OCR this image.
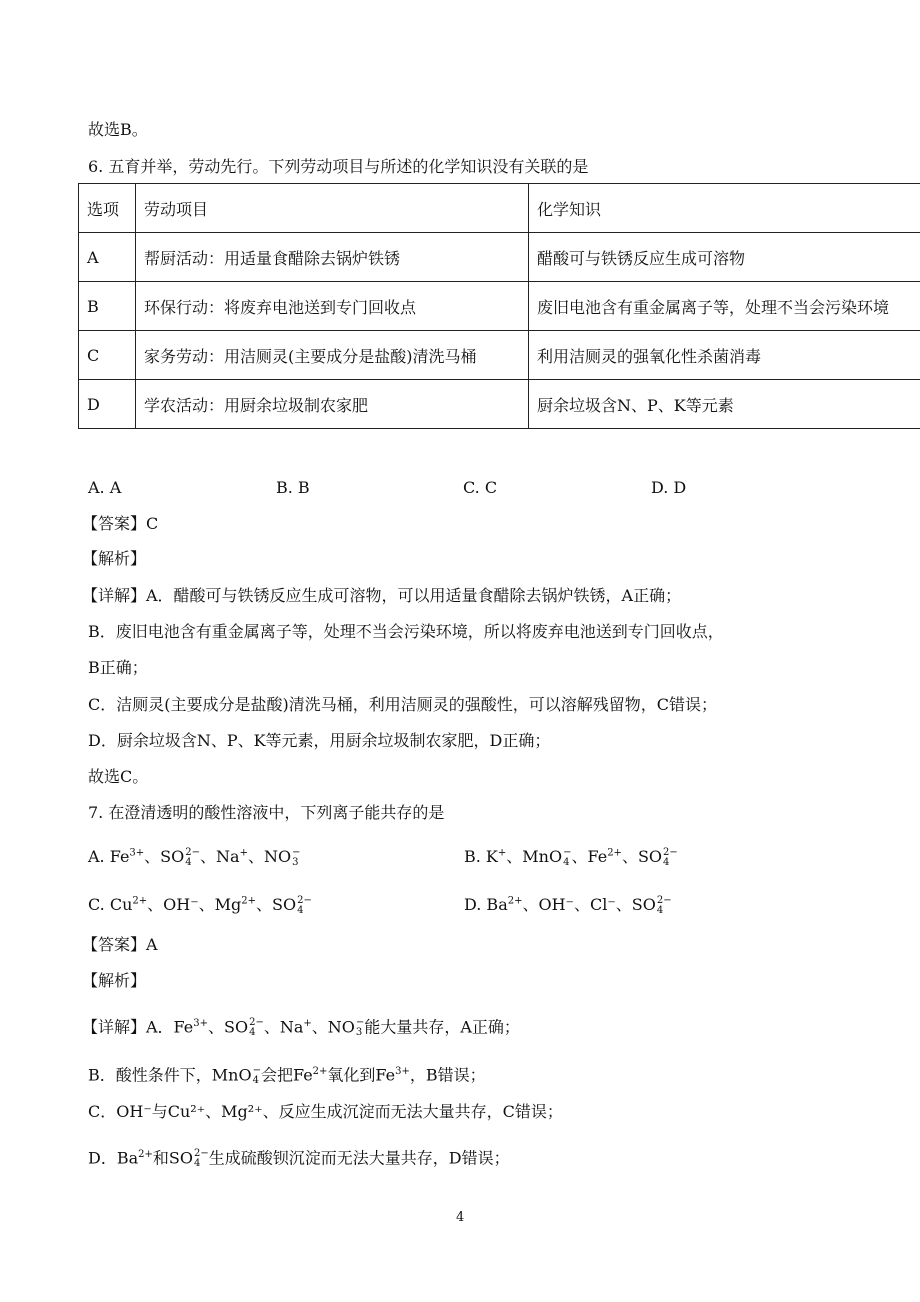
故选B。
6. 五育并举，劳动先行。下列劳动项目与所述的化学知识没有关联的是
选项	劳动项目	化学知识
A	帮厨活动：用适量食醋除去锅炉铁锈	醋酸可与铁锈反应生成可溶物
B	环保行动：将废弃电池送到专门回收点	废旧电池含有重金属离子等，处理不当会污染环境
C	家务劳动：用洁厕灵(主要成分是盐酸)清洗马桶	利用洁厕灵的强氧化性杀菌消毒
D	学农活动：用厨余垃圾制农家肥	厨余垃圾含N、P、K等元素
A. A	B. B	C. C	D. D
【答案】C
【解析】
【详解】A．醋酸可与铁锈反应生成可溶物，可以用适量食醋除去锅炉铁锈，A正确；
B．废旧电池含有重金属离子等，处理不当会污染环境，所以将废弃电池送到专门回收点，
B正确；
C．洁厕灵(主要成分是盐酸)清洗马桶，利用洁厕灵的强酸性，可以溶解残留物，C错误；
D．厨余垃圾含N、P、K等元素，用厨余垃圾制农家肥，D正确；
故选C。
7. 在澄清透明的酸性溶液中，下列离子能共存的是
A. $Fe^{3+}$、SO 2−
4 、Na+、NO −
3	B. K+、MnO −
4 、$Fe^{2+}$、SO 2−
4
C. $Cu^{2+}$、OH⁻、$Mg^{2+}$、SO 2−
4	D. $Ba^{2+}$、OH⁻、Cl⁻、SO 2−
4
【答案】A
【解析】
【详解】A．$Fe^{3+}$、SO 2−
4 、Na+、NO −
3 能大量共存，A正确；
B．酸性条件下，MnO −
4 会把$Fe^{2+}$氧化到$Fe^{3+}$，B错误；
C．OH⁻与Cu²⁺、Mg²⁺、反应生成沉淀而无法大量共存，C错误；
D．$Ba^{2+}$和SO 2−
4 生成硫酸钡沉淀而无法大量共存，D错误；
4
